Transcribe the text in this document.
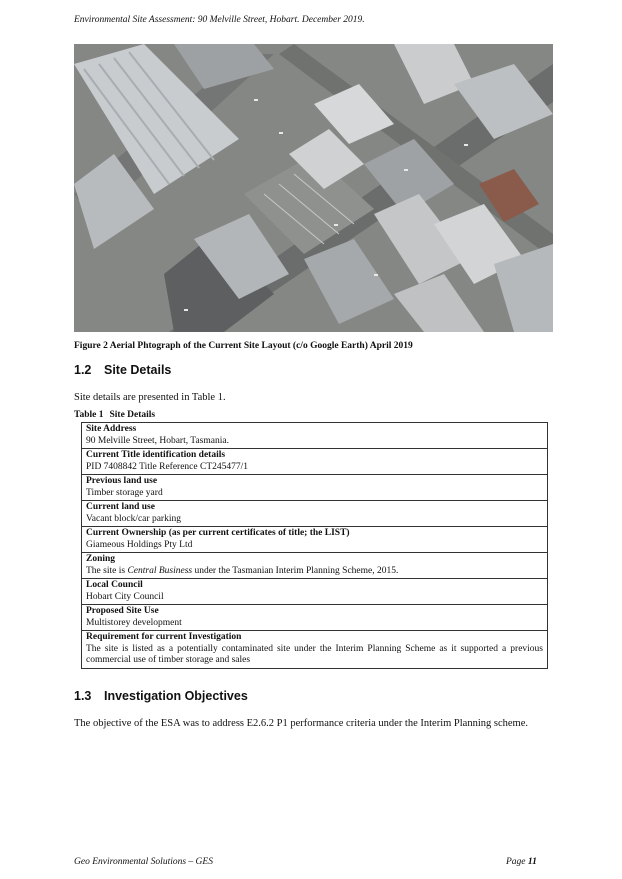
Environmental Site Assessment: 90 Melville Street, Hobart. December 2019.
Figure 2 Aerial Phtograph of the Current Site Layout (c/o Google Earth) April 2019
1.2 Site Details
Site details are presented in Table 1.
Table 1 Site Details
Site Address
90 Melville Street, Hobart, Tasmania.

Current Title identification details
PID 7408842 Title Reference CT245477/1

Previous land use
Timber storage yard

Current land use
Vacant block/car parking

Current Ownership (as per current certificates of title; the LIST)
Giameous Holdings Pty Ltd

Zoning
The site is Central Business under the Tasmanian Interim Planning Scheme, 2015.

Local Council
Hobart City Council

Proposed Site Use
Multistorey development

Requirement for current Investigation
The site is listed as a potentially contaminated site under the Interim Planning Scheme as it supported a previous commercial use of timber storage and sales
1.3 Investigation Objectives
The objective of the ESA was to address E2.6.2 P1 performance criteria under the Interim Planning scheme.
Geo Environmental Solutions – GES	Page 11
